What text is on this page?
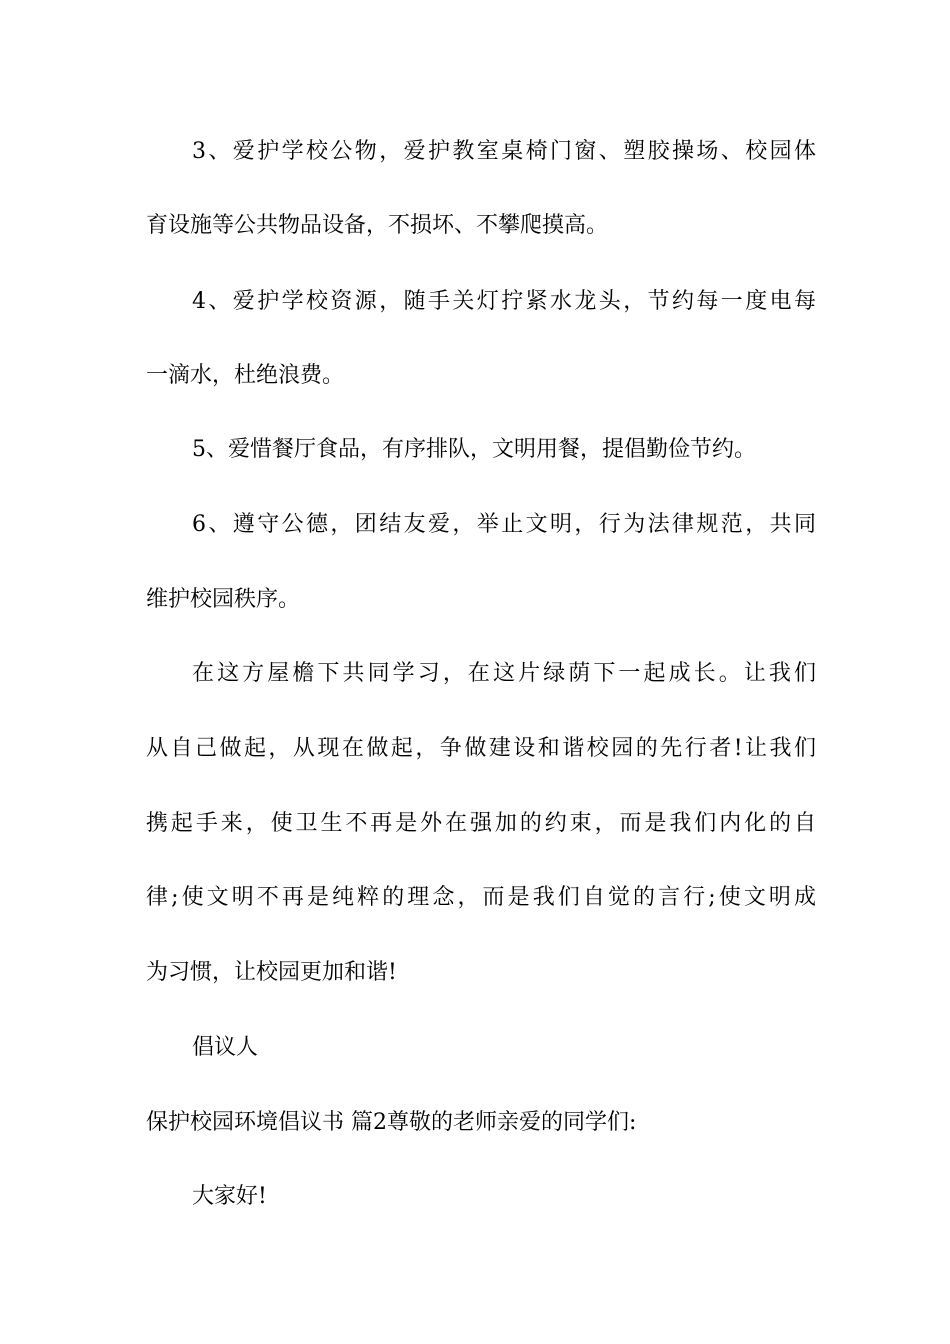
3、爱护学校公物，爱护教室桌椅门窗、塑胶操场、校园体
育设施等公共物品设备，不损坏、不攀爬摸高。
4、爱护学校资源，随手关灯拧紧水龙头，节约每一度电每
一滴水，杜绝浪费。
5、爱惜餐厅食品，有序排队，文明用餐，提倡勤俭节约。
6、遵守公德，团结友爱，举止文明，行为法律规范，共同
维护校园秩序。
在这方屋檐下共同学习，在这片绿荫下一起成长。让我们
从自己做起，从现在做起，争做建设和谐校园的先行者!让我们
携起手来，使卫生不再是外在强加的约束，而是我们内化的自
律;使文明不再是纯粹的理念，而是我们自觉的言行;使文明成
为习惯，让校园更加和谐!
倡议人
保护校园环境倡议书 篇2尊敬的老师亲爱的同学们:
大家好!
